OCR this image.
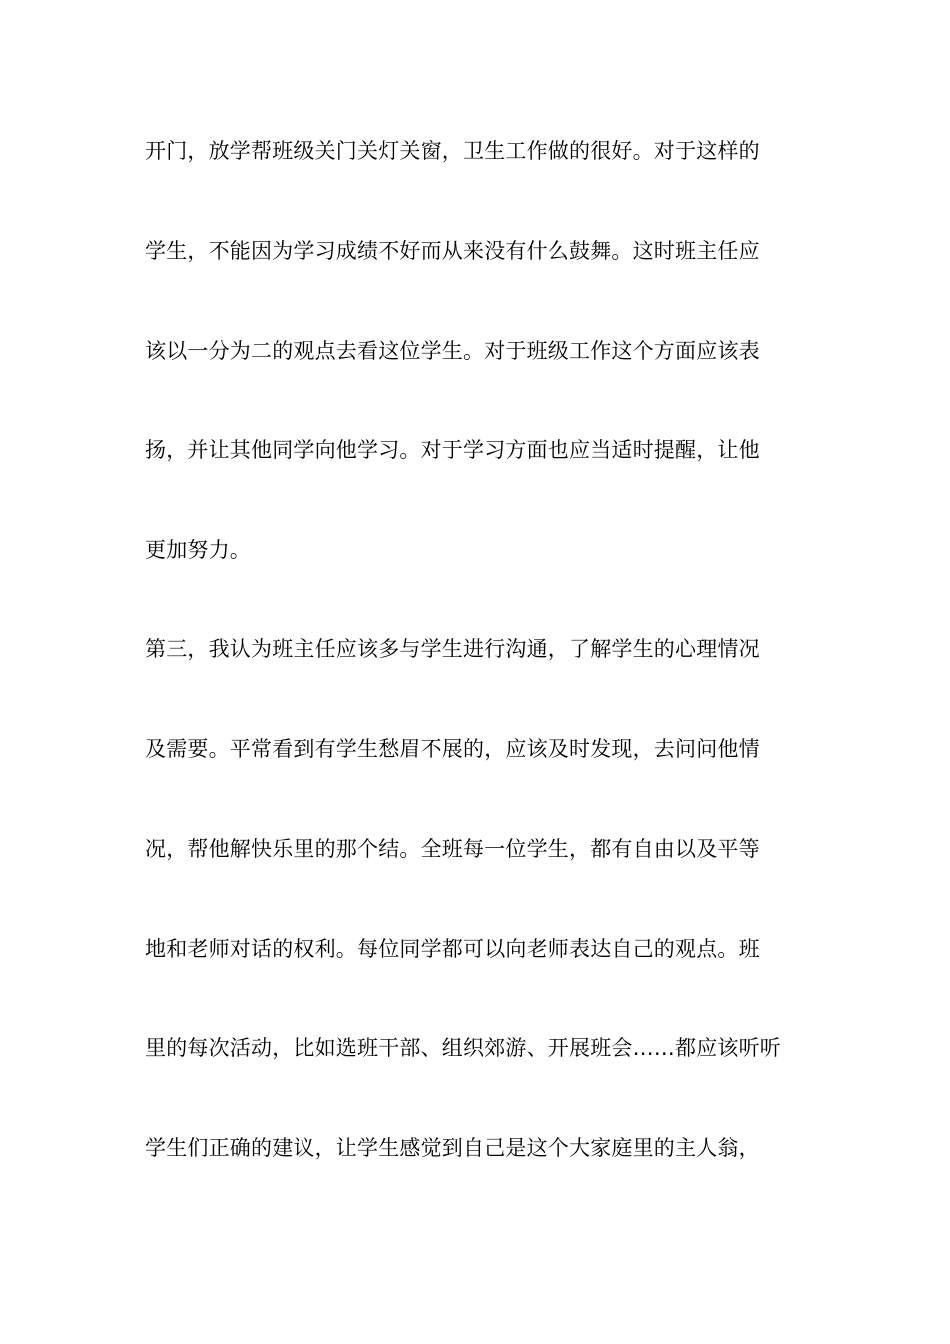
开门，放学帮班级关门关灯关窗，卫生工作做的很好。对于这样的
学生，不能因为学习成绩不好而从来没有什么鼓舞。这时班主任应
该以一分为二的观点去看这位学生。对于班级工作这个方面应该表
扬，并让其他同学向他学习。对于学习方面也应当适时提醒，让他
更加努力。
第三，我认为班主任应该多与学生进行沟通，了解学生的心理情况
及需要。平常看到有学生愁眉不展的，应该及时发现，去问问他情
况，帮他解快乐里的那个结。全班每一位学生，都有自由以及平等
地和老师对话的权利。每位同学都可以向老师表达自己的观点。班
里的每次活动，比如选班干部、组织郊游、开展班会……都应该听听
学生们正确的建议，让学生感觉到自己是这个大家庭里的主人翁，
